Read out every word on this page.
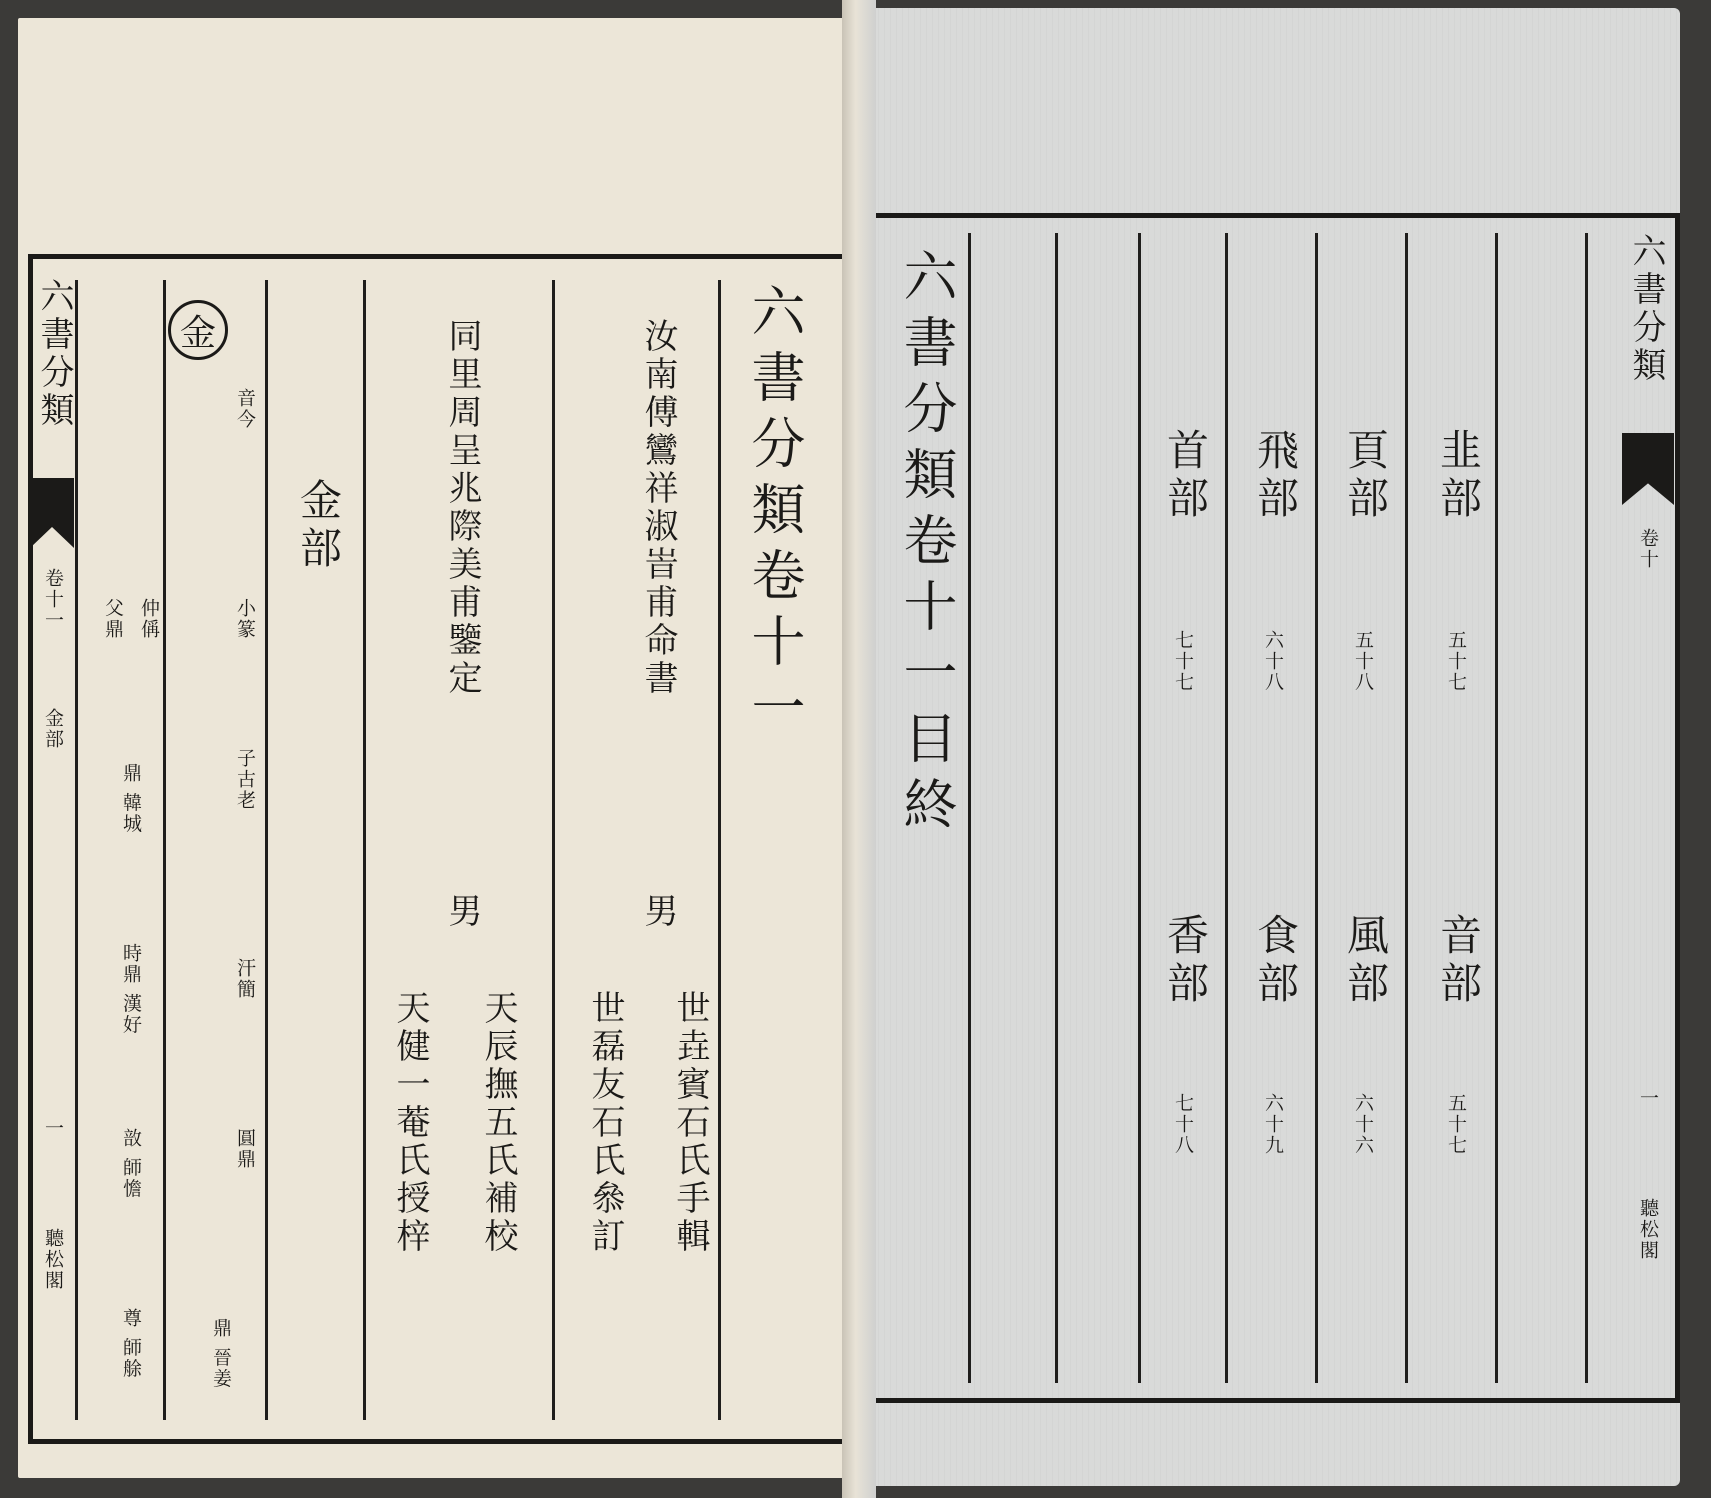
六書分類卷十一
汝南傅鸞祥淑峕甫命書
男
世垚賓石氏手輯
世磊友石氏叅訂
同里周呈兆際美甫鑒定
男
天辰撫五氏補校
天健一菴氏授梓
金部
金
音今
小篆
子古老
汗簡
圓鼎
鼎 晉姜
仲偁
父鼎
鼎 韓城
時鼎 漢好
敨 師憺
尊 師艅
六書分類
卷十一
金部
一
聽松閣
六書分類卷十一目終	首部
七十七
香部
七十八
飛部
六十八
食部
六十九
頁部
五十八
風部
六十六
韭部
五十七
音部
五十七
六書分類
卷十
一
聽松閣
